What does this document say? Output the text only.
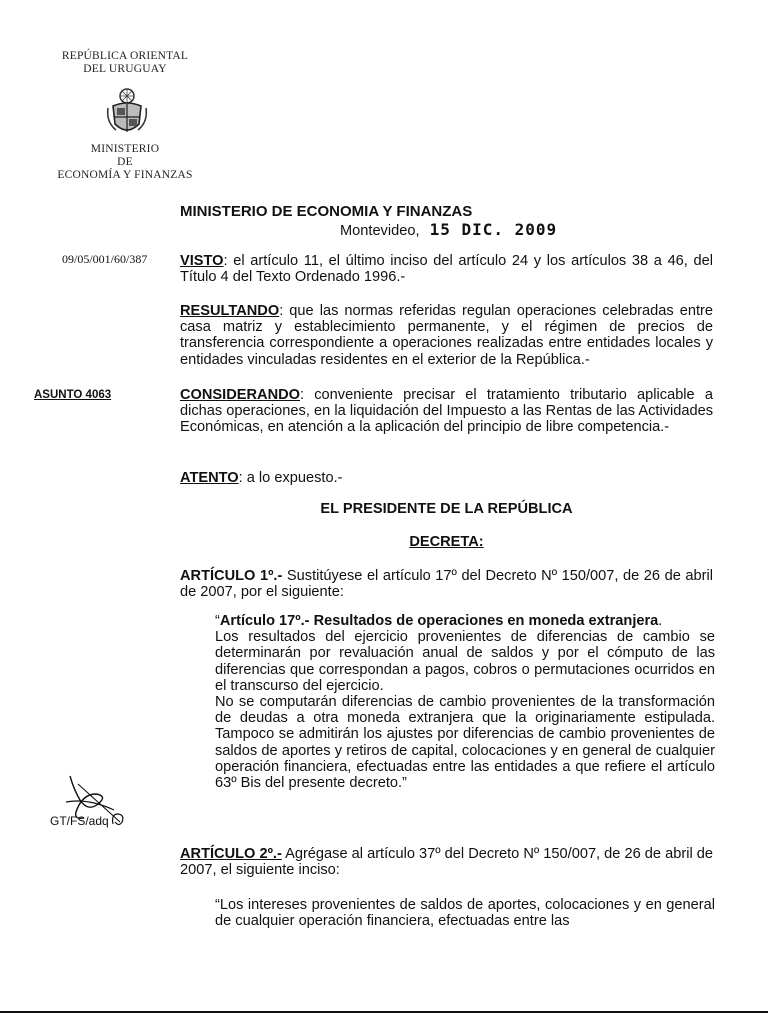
REPÚBLICA ORIENTAL
DEL URUGUAY
MINISTERIO
DE
ECONOMÍA Y FINANZAS
MINISTERIO DE ECONOMIA Y FINANZAS
Montevideo, 15 DIC. 2009
09/05/001/60/387
ASUNTO 4063
VISTO: el artículo 11, el último inciso del artículo 24 y los artículos 38 a 46, del Título 4 del Texto Ordenado 1996.-
RESULTANDO: que las normas referidas regulan operaciones celebradas entre casa matriz y establecimiento permanente, y el régimen de precios de transferencia correspondiente a operaciones realizadas entre entidades locales y entidades vinculadas residentes en el exterior de la República.-
CONSIDERANDO: conveniente precisar el tratamiento tributario aplicable a dichas operaciones, en la liquidación del Impuesto a las Rentas de las Actividades Económicas, en atención a la aplicación del principio de libre competencia.-
ATENTO: a lo expuesto.-
EL PRESIDENTE DE LA REPÚBLICA
DECRETA:
ARTÍCULO 1º.- Sustitúyese el artículo 17º del Decreto Nº 150/007, de 26 de abril de 2007, por el siguiente:
“Artículo 17º.- Resultados de operaciones en moneda extranjera.
Los resultados del ejercicio provenientes de diferencias de cambio se determinarán por revaluación anual de saldos y por el cómputo de las diferencias que correspondan a pagos, cobros o permutaciones ocurridos en el transcurso del ejercicio.
No se computarán diferencias de cambio provenientes de la transformación de deudas a otra moneda extranjera que la originariamente estipulada. Tampoco se admitirán los ajustes por diferencias de cambio provenientes de saldos de aportes y retiros de capital, colocaciones y en general de cualquier operación financiera, efectuadas entre las entidades a que refiere el artículo 63º Bis del presente decreto.”
GT/FS/adq
ARTÍCULO 2º.- Agrégase al artículo 37º del Decreto Nº 150/007, de 26 de abril de 2007, el siguiente inciso:
“Los intereses provenientes de saldos de aportes, colocaciones y en general de cualquier operación financiera, efectuadas entre las
